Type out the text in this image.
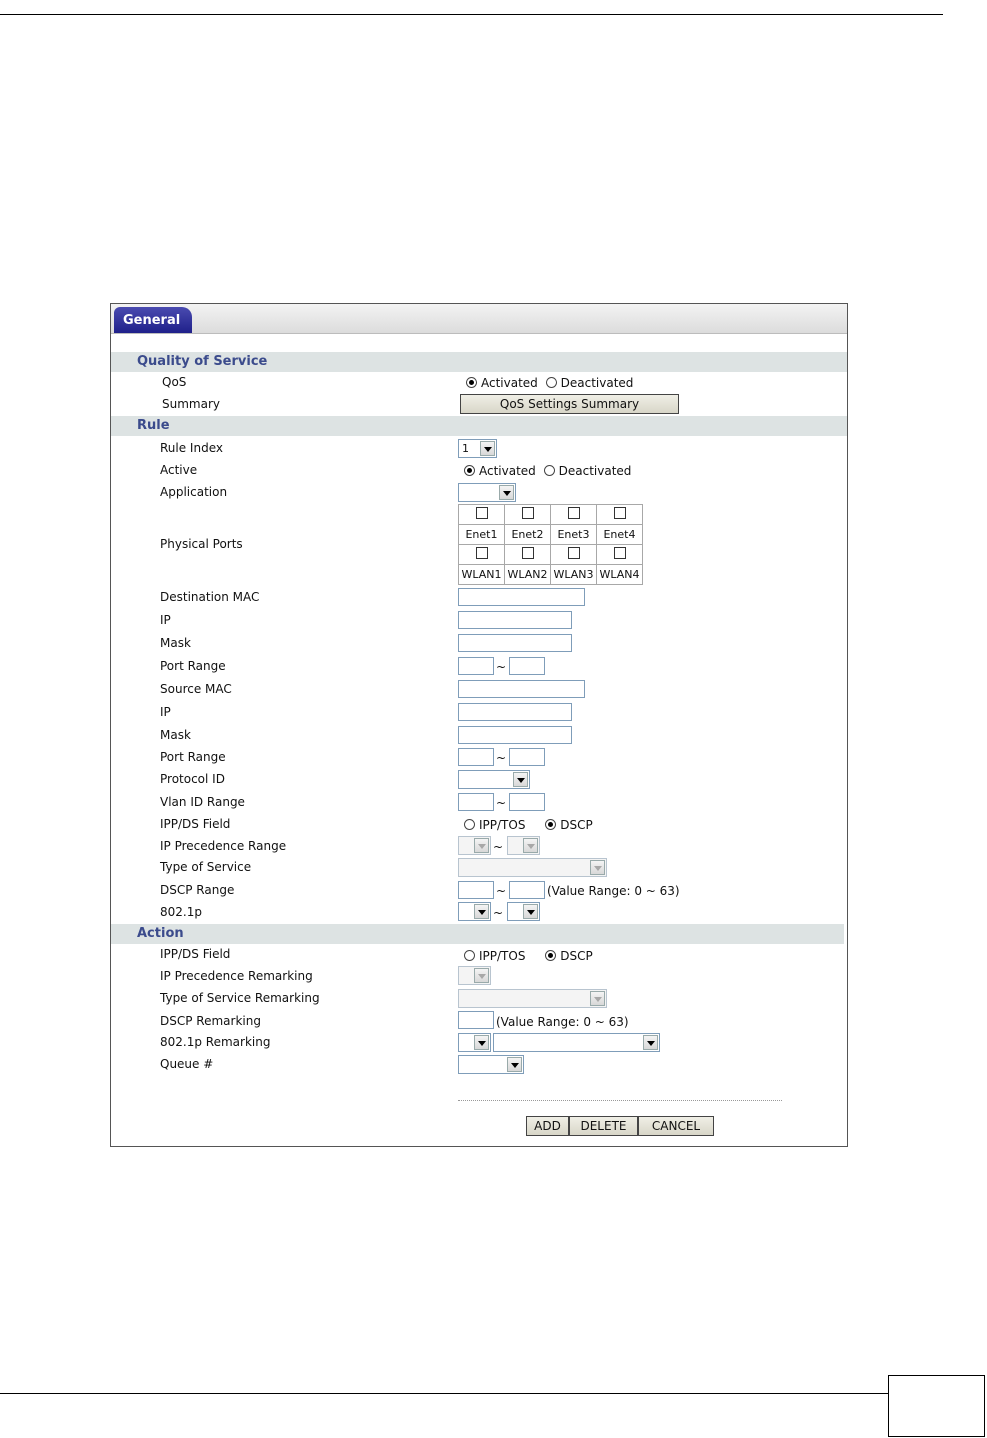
General
Quality of Service
QoS	Activated Deactivated
Summary	QoS Settings Summary
Rule
Rule Index	1
Active	Activated Deactivated
Application
Physical Ports

Enet1	Enet2	Enet3	Enet4

WLAN1	WLAN2	WLAN3	WLAN4
Destination MAC
IP
Mask
Port Range	~
Source MAC
IP
Mask
Port Range	~
Protocol ID
Vlan ID Range	~
IPP/DS Field	IPP/TOS	DSCP
IP Precedence Range	~
Type of Service
DSCP Range	~	(Value Range: 0 ~ 63)
802.1p	~
Action
IPP/DS Field	IPP/TOS	DSCP
IP Precedence Remarking
Type of Service Remarking
DSCP Remarking	(Value Range: 0 ~ 63)
802.1p Remarking
Queue #
ADD	DELETE	CANCEL
